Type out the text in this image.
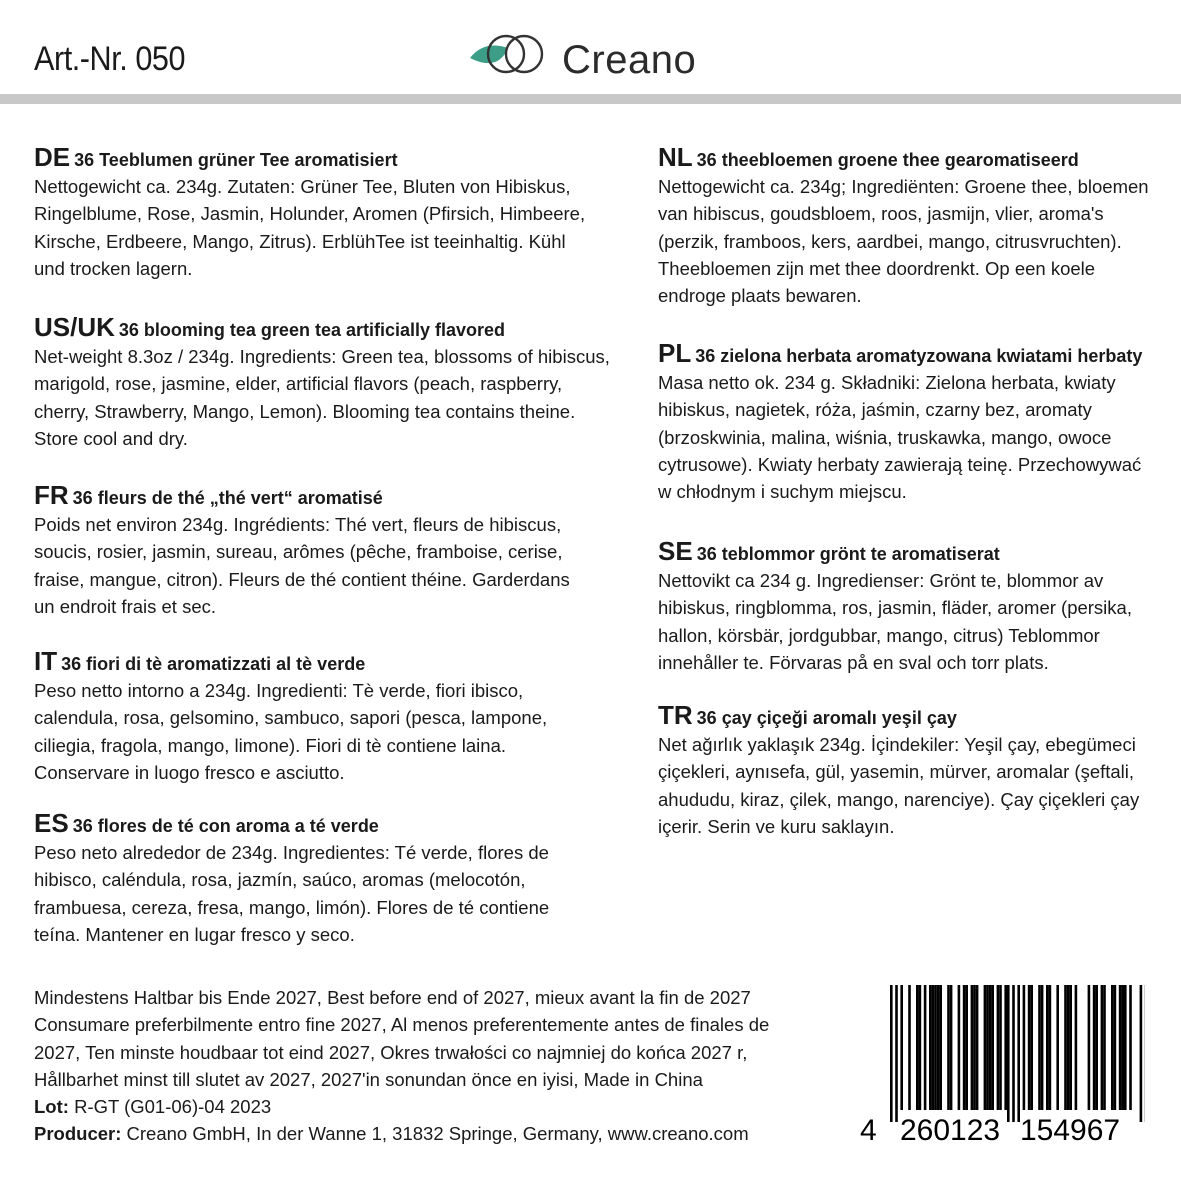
Art.-Nr. 050	Creano
DE 36 Teeblumen grüner Tee aromatisiert
Nettogewicht ca. 234g. Zutaten: Grüner Tee, Bluten von Hibiskus,
Ringelblume, Rose, Jasmin, Holunder, Aromen (Pfirsich, Himbeere,
Kirsche, Erdbeere, Mango, Zitrus). ErblühTee ist teeinhaltig. Kühl
und trocken lagern.
US/UK 36 blooming tea green tea artificially flavored
Net-weight 8.3oz / 234g. Ingredients: Green tea, blossoms of hibiscus,
marigold, rose, jasmine, elder, artificial flavors (peach, raspberry,
cherry, Strawberry, Mango, Lemon). Blooming tea contains theine.
Store cool and dry.
FR 36 fleurs de thé „thé vert“ aromatisé
Poids net environ 234g. Ingrédients: Thé vert, fleurs de hibiscus,
soucis, rosier, jasmin, sureau, arômes (pêche, framboise, cerise,
fraise, mangue, citron). Fleurs de thé contient théine. Garderdans
un endroit frais et sec.
IT 36 fiori di tè aromatizzati al tè verde
Peso netto intorno a 234g. Ingredienti: Tè verde, fiori ibisco,
calendula, rosa, gelsomino, sambuco, sapori (pesca, lampone,
ciliegia, fragola, mango, limone). Fiori di tè contiene laina.
Conservare in luogo fresco e asciutto.
ES 36 flores de té con aroma a té verde
Peso neto alrededor de 234g. Ingredientes: Té verde, flores de
hibisco, caléndula, rosa, jazmín, saúco, aromas (melocotón,
frambuesa, cereza, fresa, mango, limón). Flores de té contiene
teína. Mantener en lugar fresco y seco.
NL 36 theebloemen groene thee gearomatiseerd
Nettogewicht ca. 234g; Ingrediënten: Groene thee, bloemen
van hibiscus, goudsbloem, roos, jasmijn, vlier, aroma's
(perzik, framboos, kers, aardbei, mango, citrusvruchten).
Theebloemen zijn met thee doordrenkt. Op een koele
endroge plaats bewaren.
PL 36 zielona herbata aromatyzowana kwiatami herbaty
Masa netto ok. 234 g. Składniki: Zielona herbata, kwiaty
hibiskus, nagietek, róża, jaśmin, czarny bez, aromaty
(brzoskwinia, malina, wiśnia, truskawka, mango, owoce
cytrusowe). Kwiaty herbaty zawierają teinę. Przechowywać
w chłodnym i suchym miejscu.
SE 36 teblommor grönt te aromatiserat
Nettovikt ca 234 g. Ingredienser: Grönt te, blommor av
hibiskus, ringblomma, ros, jasmin, fläder, aromer (persika,
hallon, körsbär, jordgubbar, mango, citrus) Teblommor
innehåller te. Förvaras på en sval och torr plats.
TR 36 çay çiçeği aromalı yeşil çay
Net ağırlık yaklaşık 234g. İçindekiler: Yeşil çay, ebegümeci
çiçekleri, aynısefa, gül, yasemin, mürver, aromalar (şeftali,
ahududu, kiraz, çilek, mango, narenciye). Çay çiçekleri çay
içerir. Serin ve kuru saklayın.
Mindestens Haltbar bis Ende 2027, Best before end of 2027, mieux avant la fin de 2027
Consumare preferbilmente entro fine 2027, Al menos preferentemente antes de finales de
2027, Ten minste houdbaar tot eind 2027, Okres trwałości co najmniej do końca 2027 r,
Hållbarhet minst till slutet av 2027, 2027'in sonundan önce en iyisi, Made in China
Lot: R-GT (G01-06)-04 2023
Producer: Creano GmbH, In der Wanne 1, 31832 Springe, Germany, www.creano.com	4 260123 154967
